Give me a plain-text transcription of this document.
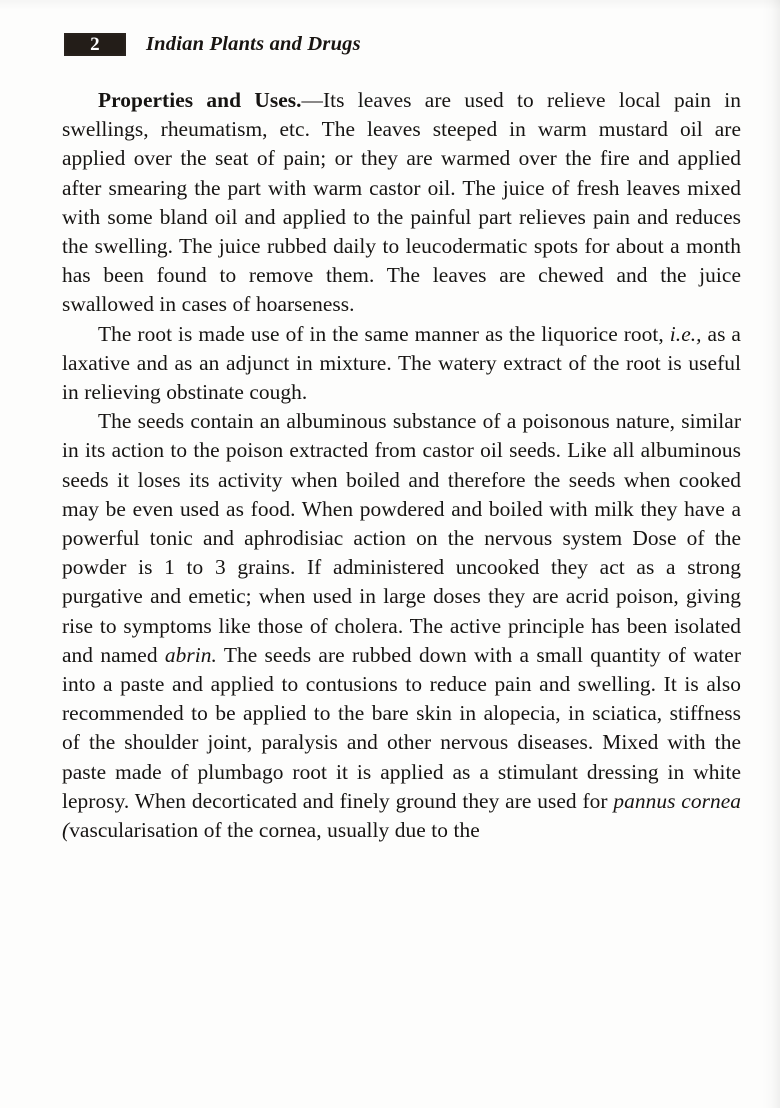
2 Indian Plants and Drugs

Properties and Uses.—Its leaves are used to relieve local pain in swellings, rheumatism, etc. The leaves steeped in warm mustard oil are applied over the seat of pain; or they are warmed over the fire and applied after smearing the part with warm castor oil. The juice of fresh leaves mixed with some bland oil and applied to the painful part relieves pain and reduces the swelling. The juice rubbed daily to leucodermatic spots for about a month has been found to remove them. The leaves are chewed and the juice swallowed in cases of hoarseness.

The root is made use of in the same manner as the liquorice root, i.e., as a laxative and as an adjunct in mixture. The watery extract of the root is useful in relieving obstinate cough.

The seeds contain an albuminous substance of a poisonous nature, similar in its action to the poison extracted from castor oil seeds. Like all albuminous seeds it loses its activity when boiled and therefore the seeds when cooked may be even used as food. When powdered and boiled with milk they have a powerful tonic and aphrodisiac action on the nervous system Dose of the powder is 1 to 3 grains. If administered uncooked they act as a strong purgative and emetic; when used in large doses they are acrid poison, giving rise to symptoms like those of cholera. The active principle has been isolated and named abrin. The seeds are rubbed down with a small quantity of water into a paste and applied to contusions to reduce pain and swelling. It is also recommended to be applied to the bare skin in alopecia, in sciatica, stiffness of the shoulder joint, paralysis and other nervous diseases. Mixed with the paste made of plumbago root it is applied as a stimulant dressing in white leprosy. When decorticated and finely ground they are used for pannus cornea (vascularisation of the cornea, usually due to the
